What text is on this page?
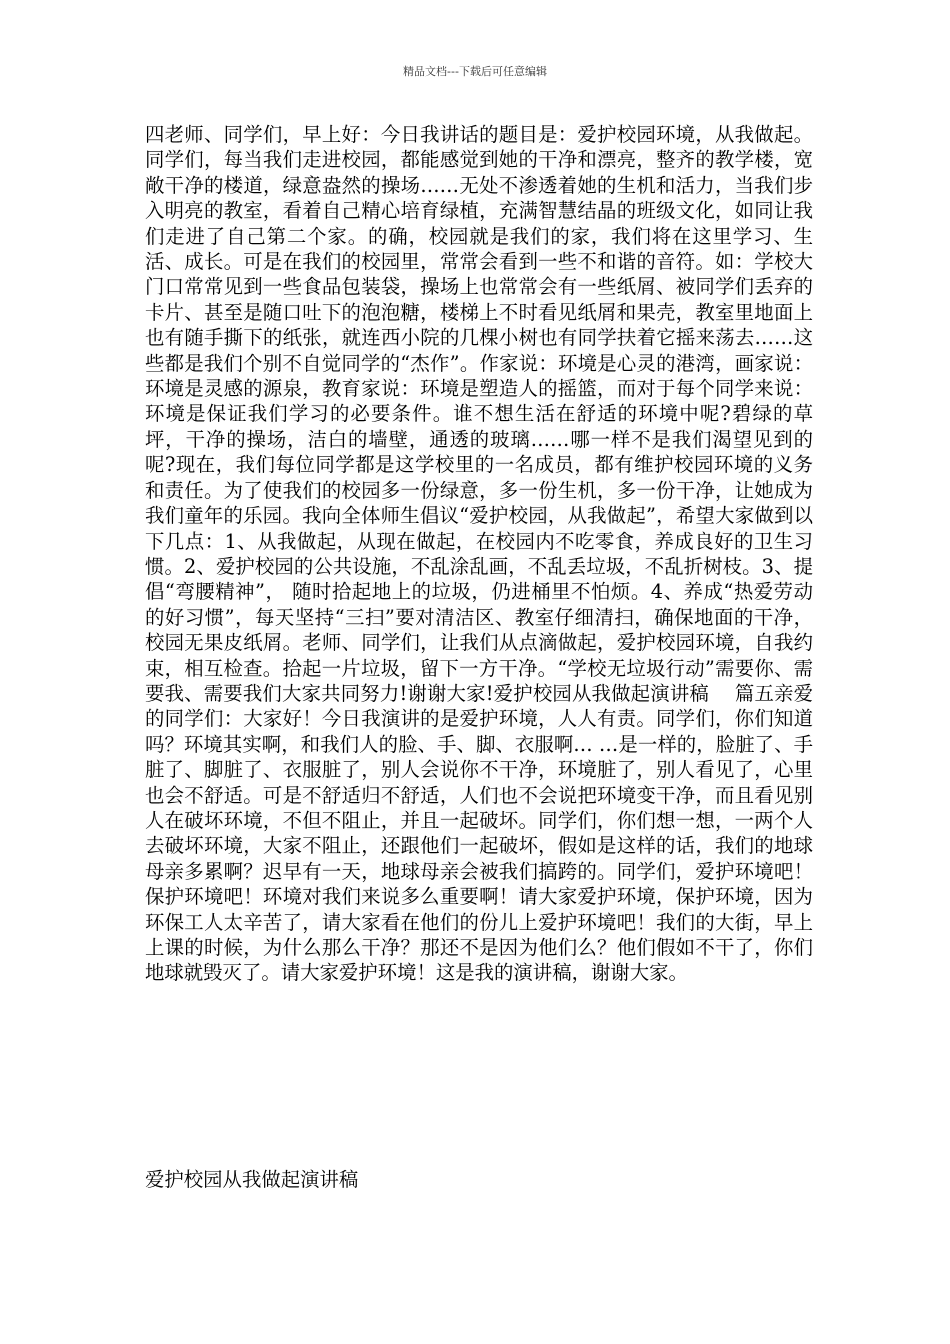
精品文档---下载后可任意编辑
四老师、同学们，早上好：今日我讲话的题目是：爱护校园环境，从我做起。同学们，每当我们走进校园，都能感觉到她的干净和漂亮，整齐的教学楼，宽敞干净的楼道，绿意盎然的操场……无处不渗透着她的生机和活力，当我们步入明亮的教室，看着自己精心培育绿植，充满智慧结晶的班级文化，如同让我们走进了自己第二个家。的确，校园就是我们的家，我们将在这里学习、生活、成长。可是在我们的校园里，常常会看到一些不和谐的音符。如：学校大门口常常见到一些食品包装袋，操场上也常常会有一些纸屑、被同学们丢弃的卡片、甚至是随口吐下的泡泡糖，楼梯上不时看见纸屑和果壳，教室里地面上也有随手撕下的纸张，就连西小院的几棵小树也有同学扶着它摇来荡去……这些都是我们个别不自觉同学的“杰作”。作家说：环境是心灵的港湾，画家说：环境是灵感的源泉，教育家说：环境是塑造人的摇篮，而对于每个同学来说：环境是保证我们学习的必要条件。谁不想生活在舒适的环境中呢?碧绿的草坪，干净的操场，洁白的墙壁，通透的玻璃……哪一样不是我们渴望见到的呢?现在，我们每位同学都是这学校里的一名成员，都有维护校园环境的义务和责任。为了使我们的校园多一份绿意，多一份生机，多一份干净，让她成为我们童年的乐园。我向全体师生倡议“爱护校园，从我做起”，希望大家做到以下几点：1、从我做起，从现在做起，在校园内不吃零食，养成良好的卫生习惯。2、爱护校园的公共设施，不乱涂乱画，不乱丢垃圾，不乱折树枝。3、提倡“弯腰精神”， 随时拾起地上的垃圾，仍进桶里不怕烦。4、养成“热爱劳动的好习惯”，每天坚持“三扫”要对清洁区、教室仔细清扫，确保地面的干净，校园无果皮纸屑。老师、同学们，让我们从点滴做起，爱护校园环境，自我约束，相互检查。拾起一片垃圾，留下一方干净。“学校无垃圾行动”需要你、需要我、需要我们大家共同努力!谢谢大家!爱护校园从我做起演讲稿　 篇五亲爱的同学们：大家好！今日我演讲的是爱护环境，人人有责。同学们，你们知道吗？环境其实啊，和我们人的脸、手、脚、衣服啊… …是一样的，脸脏了、手脏了、脚脏了、衣服脏了，别人会说你不干净，环境脏了，别人看见了，心里也会不舒适。可是不舒适归不舒适，人们也不会说把环境变干净，而且看见别人在破坏环境，不但不阻止，并且一起破坏。同学们，你们想一想，一两个人去破坏环境，大家不阻止，还跟他们一起破坏，假如是这样的话，我们的地球母亲多累啊？迟早有一天，地球母亲会被我们搞跨的。同学们，爱护环境吧！保护环境吧！环境对我们来说多么重要啊！请大家爱护环境，保护环境，因为环保工人太辛苦了，请大家看在他们的份儿上爱护环境吧！我们的大街，早上上课的时候，为什么那么干净？那还不是因为他们么？他们假如不干了，你们地球就毁灭了。请大家爱护环境！这是我的演讲稿，谢谢大家。
爱护校园从我做起演讲稿
